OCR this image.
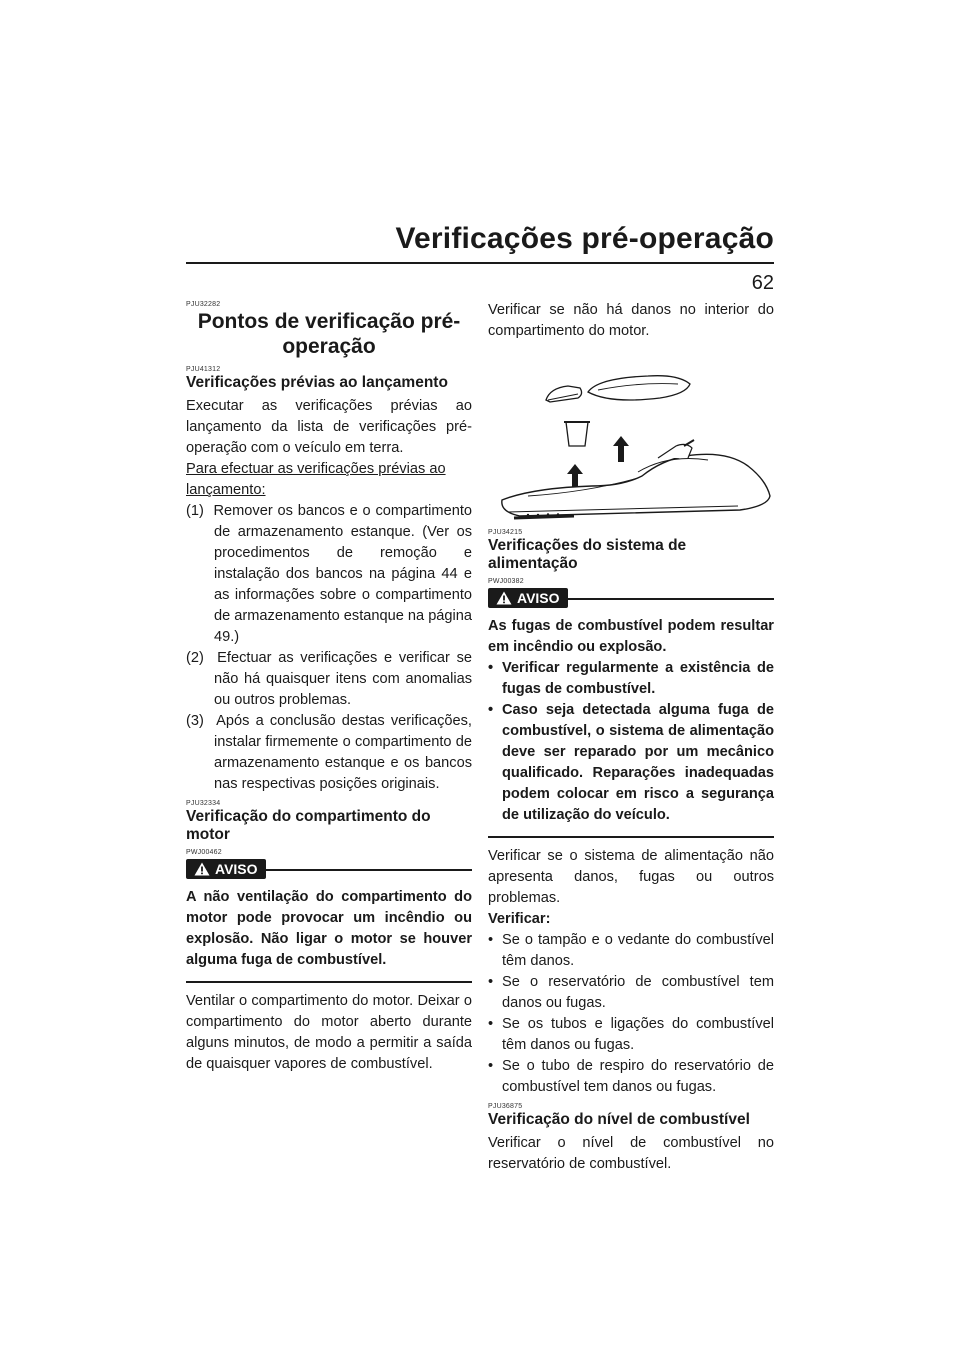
Verificações pré-operação
62
PJU32282
Pontos de verificação pré-operação
PJU41312
Verificações prévias ao lançamento

Executar as verificações prévias ao lançamento da lista de verificações pré-operação com o veículo em terra.

Para efectuar as verificações prévias ao lançamento:

(1)  Remover os bancos e o compartimento de armazenamento estanque. (Ver os procedimentos de remoção e instalação dos bancos na página 44 e as informações sobre o compartimento de armazenamento estanque na página 49.)
(2)  Efectuar as verificações e verificar se não há quaisquer itens com anomalias ou outros problemas.
(3)  Após a conclusão destas verificações, instalar firmemente o compartimento de armazenamento estanque e os bancos nas respectivas posições originais.
PJU32334
Verificação do compartimento do motor
PWJ00462
AVISO

A não ventilação do compartimento do motor pode provocar um incêndio ou explosão. Não ligar o motor se houver alguma fuga de combustível.

Ventilar o compartimento do motor. Deixar o compartimento do motor aberto durante alguns minutos, de modo a permitir a saída de quaisquer vapores de combustível.

Verificar se não há danos no interior do compartimento do motor.

PJU34215
Verificações do sistema de alimentação
PWJ00382
AVISO

As fugas de combustível podem resultar em incêndio ou explosão.

• Verificar regularmente a existência de fugas de combustível.
• Caso seja detectada alguma fuga de combustível, o sistema de alimentação deve ser reparado por um mecânico qualificado. Reparações inadequadas podem colocar em risco a segurança de utilização do veículo.

Verificar se o sistema de alimentação não apresenta danos, fugas ou outros problemas.

Verificar:

• Se o tampão e o vedante do combustível têm danos.
• Se o reservatório de combustível tem danos ou fugas.
• Se os tubos e ligações do combustível têm danos ou fugas.
• Se o tubo de respiro do reservatório de combustível tem danos ou fugas.
PJU36875
Verificação do nível de combustível

Verificar o nível de combustível no reservatório de combustível.
